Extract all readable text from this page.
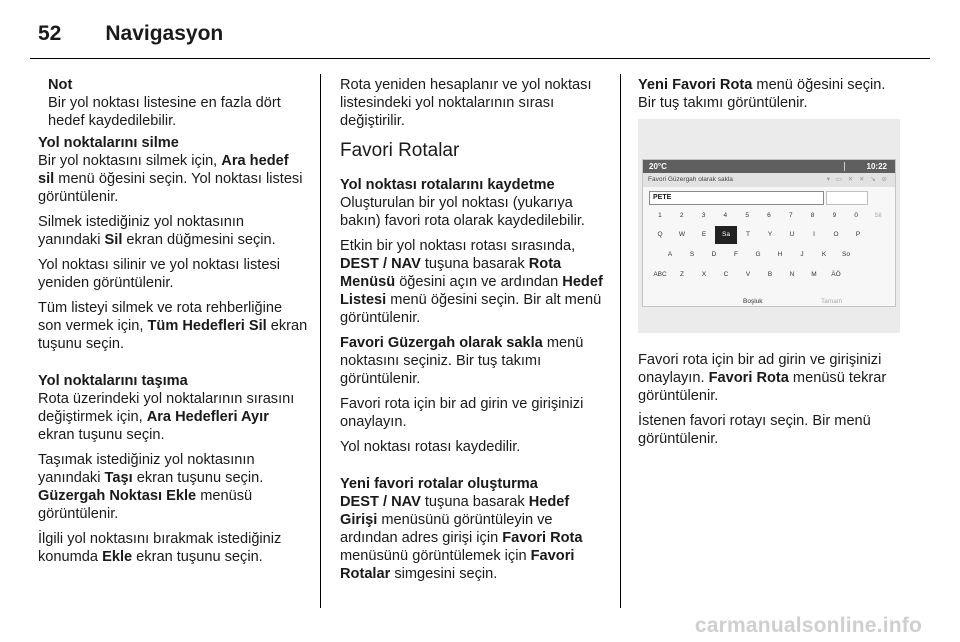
52 Navigasyon

Not
Bir yol noktası listesine en fazla dört hedef kaydedilebilir.

Yol noktalarını silme

Bir yol noktasını silmek için, Ara hedef sil menü öğesini seçin. Yol noktası listesi görüntülenir.

Silmek istediğiniz yol noktasının yanındaki Sil ekran düğmesini seçin.

Yol noktası silinir ve yol noktası listesi yeniden görüntülenir.

Tüm listeyi silmek ve rota rehberliğine son vermek için, Tüm Hedefleri Sil ekran tuşunu seçin.

Yol noktalarını taşıma

Rota üzerindeki yol noktalarının sırasını değiştirmek için, Ara Hedefleri Ayır ekran tuşunu seçin.

Taşımak istediğiniz yol noktasının yanındaki Taşı ekran tuşunu seçin. Güzergah Noktası Ekle menüsü görüntülenir.

İlgili yol noktasını bırakmak istediğiniz konumda Ekle ekran tuşunu seçin.

Rota yeniden hesaplanır ve yol noktası listesindeki yol noktalarının sırası değiştirilir.

Favori Rotalar
Yol noktası rotalarını kaydetme

Oluşturulan bir yol noktası (yukarıya bakın) favori rota olarak kaydedilebilir.

Etkin bir yol noktası rotası sırasında, DEST / NAV tuşuna basarak Rota Menüsü öğesini açın ve ardından Hedef Listesi menü öğesini seçin. Bir alt menü görüntülenir.

Favori Güzergah olarak sakla menü noktasını seçiniz. Bir tuş takımı görüntülenir.

Favori rota için bir ad girin ve girişinizi onaylayın.

Yol noktası rotası kaydedilir.

Yeni favori rotalar oluşturma

DEST / NAV tuşuna basarak Hedef Girişi menüsünü görüntüleyin ve ardından adres girişi için Favori Rota menüsünü görüntülemek için Favori Rotalar simgesini seçin.

Yeni Favori Rota menü öğesini seçin. Bir tuş takımı görüntülenir.

20°C	10:22
Favori Güzergah olarak sakla	▾ ▭ ✕ ✕ ↘ ⊘
PETE
1	2	3	4	5	6	7	8	9	0	Sil
Q	W	E	Sa	T	Y	U	I	O	P
A	S	D	F	G	H	J	K	So
ABC	Z	X	C	V	B	N	M	ÄÖ
Boşluk	Tamam

Favori rota için bir ad girin ve girişinizi onaylayın. Favori Rota menüsü tekrar görüntülenir.

İstenen favori rotayı seçin. Bir menü görüntülenir.

carmanualsonline.info
